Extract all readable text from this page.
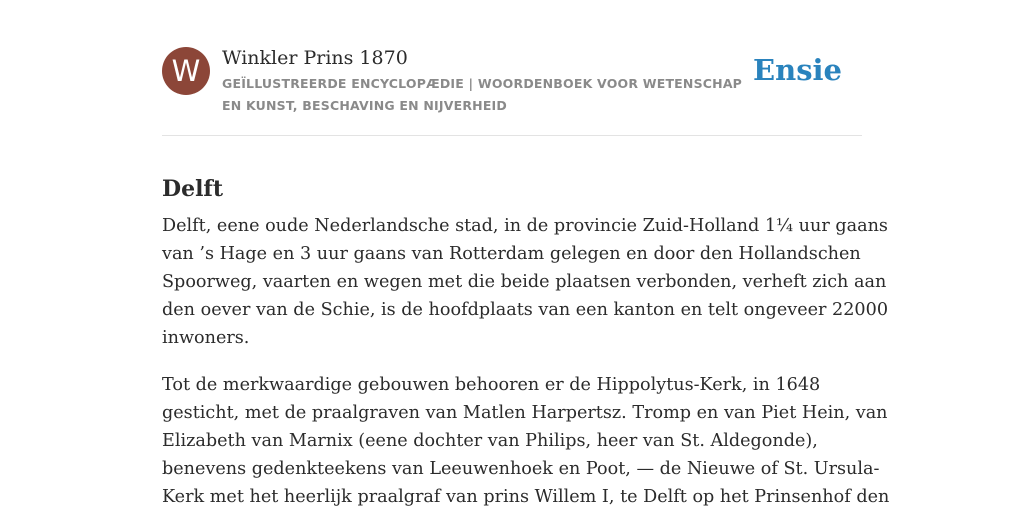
W	Winkler Prins 1870
GEÏLLUSTREERDE ENCYCLOPÆDIE | WOORDENBOEK VOOR WETENSCHAP EN KUNST, BESCHAVING EN NIJVERHEID
Ensie
Delft

Delft, eene oude Nederlandsche stad, in de provincie Zuid-Holland 1¼ uur gaans
van ’s Hage en 3 uur gaans van Rotterdam gelegen en door den Hollandschen
Spoorweg, vaarten en wegen met die beide plaatsen verbonden, verheft zich aan
den oever van de Schie, is de hoofdplaats van een kanton en telt ongeveer 22000
inwoners.

Tot de merkwaardige gebouwen behooren er de Hippolytus-Kerk, in 1648
gesticht, met de praalgraven van Matlen Harpertsz. Tromp en van Piet Hein, van
Elizabeth van Marnix (eene dochter van Philips, heer van St. Aldegonde),
benevens gedenkteekens van Leeuwenhoek en Poot, — de Nieuwe of St. Ursula-
Kerk met het heerlijk praalgraf van prins Willem I, te Delft op het Prinsenhof den
